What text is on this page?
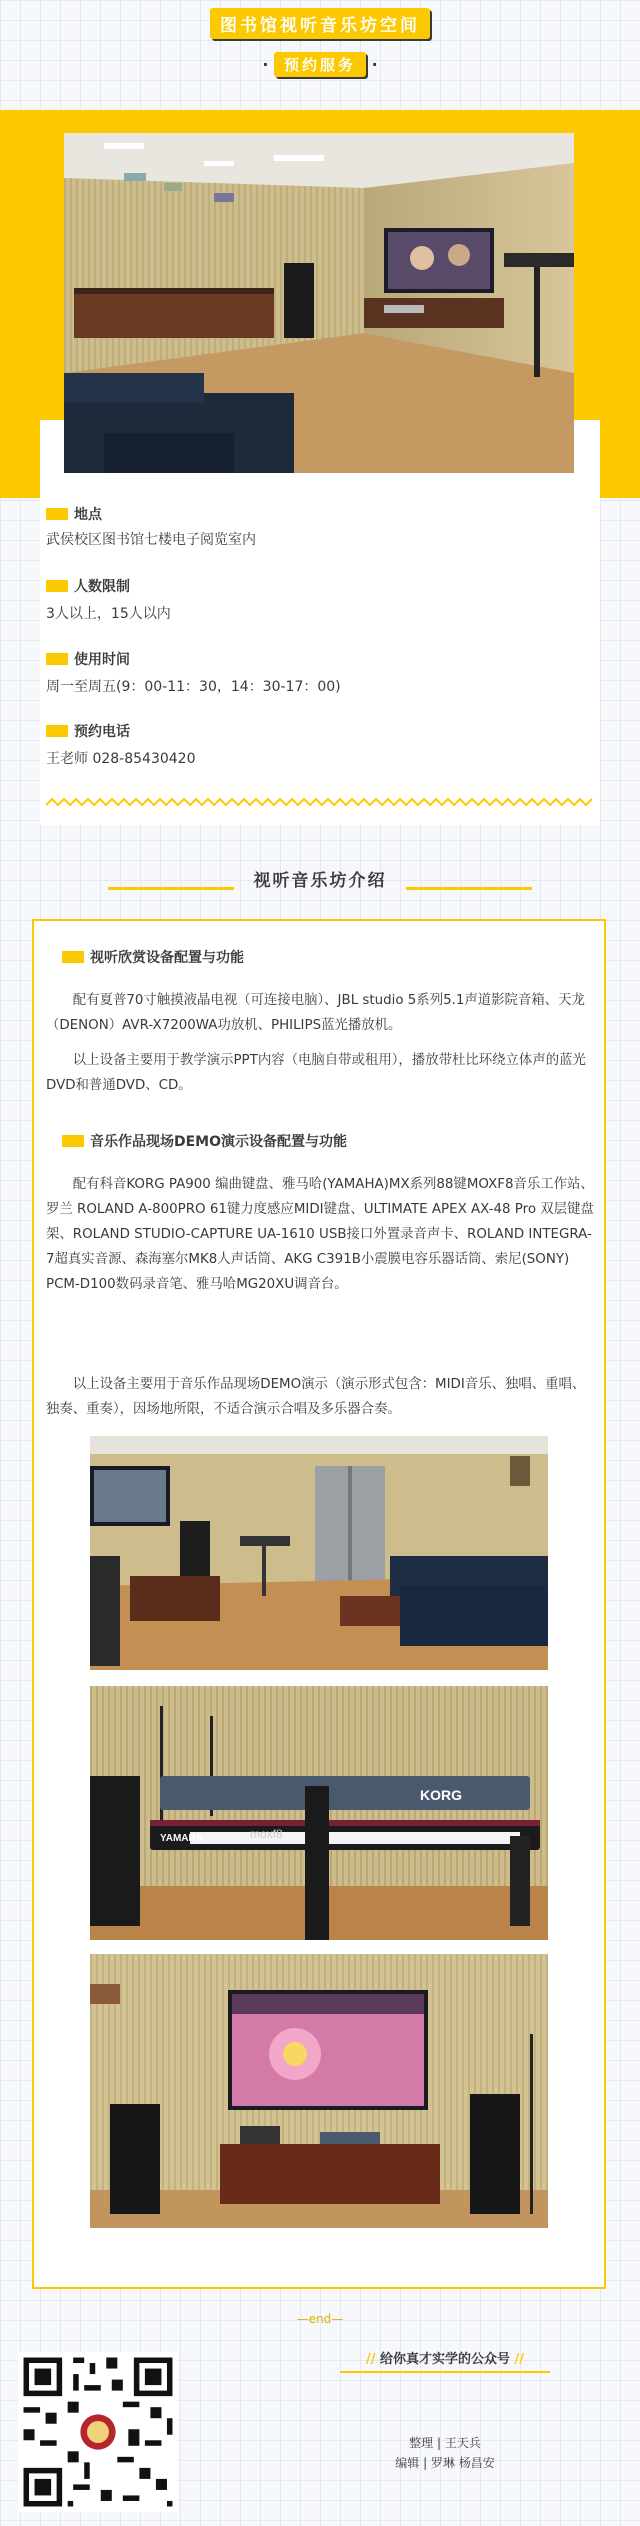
图书馆视听音乐坊空间
· 预约服务 ·
地点
武侯校区图书馆七楼电子阅览室内
人数限制
3人以上，15人以内
使用时间
周一至周五(9：00-11：30，14：30-17：00)
预约电话
王老师 028-85430420
视听音乐坊介绍
视听欣赏设备配置与功能

配有夏普70寸触摸液晶电视（可连接电脑）、JBL studio 5系列5.1声道影院音箱、天龙（DENON）AVR-X7200WA功放机、PHILIPS蓝光播放机。

以上设备主要用于教学演示PPT内容（电脑自带或租用），播放带杜比环绕立体声的蓝光DVD和普通DVD、CD。

音乐作品现场DEMO演示设备配置与功能

配有科音KORG PA900 编曲键盘、雅马哈(YAMAHA)MX系列88键MOXF8音乐工作站、罗兰 ROLAND A-800PRO 61键力度感应MIDI键盘、ULTIMATE APEX AX-48 Pro 双层键盘架、ROLAND STUDIO-CAPTURE UA-1610 USB接口外置录音声卡、ROLAND INTEGRA-7超真实音源、森海塞尔MK8人声话筒、AKG C391B小震膜电容乐器话筒、索尼(SONY) PCM-D100数码录音笔、雅马哈MG20XU调音台。

以上设备主要用于音乐作品现场DEMO演示（演示形式包含：MIDI音乐、独唱、重唱、独奏、重奏），因场地所限，不适合演示合唱及多乐器合奏。

KORG
YAMAHA	moxf8
—end—
// 给你真才实学的公众号 //
整理 | 王天兵
编辑 | 罗琳 杨昌安
